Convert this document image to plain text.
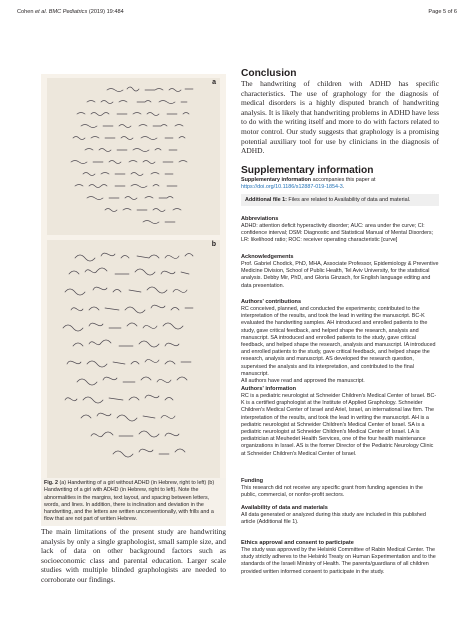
Cohen et al. BMC Pediatrics (2019) 19:484	Page 5 of 6
a
b
Fig. 2 (a) Handwriting of a girl without ADHD (in Hebrew, right to left) (b) Handwriting of a girl with ADHD (in Hebrew, right to left). Note the abnormalities in the margins, text layout, and spacing between letters, words, and lines. In addition, there is inclination and deviation in the handwriting, and the letters are written unconventionally, with frills and a flow that are not part of written Hebrew.

The main limitations of the present study are handwriting analysis by only a single graphologist, small sample size, and lack of data on other background factors such as socioeconomic class and parental education. Larger scale studies with multiple blinded graphologists are needed to corroborate our findings.

Conclusion

The handwriting of children with ADHD has specific characteristics. The use of graphology for the diagnosis of medical disorders is a highly disputed branch of handwriting analysis. It is likely that handwriting problems in ADHD have less to do with the writing itself and more to do with factors related to motor control. Our study suggests that graphology is a promising potential auxiliary tool for use by clinicians in the diagnosis of ADHD.

Supplementary information

Supplementary information accompanies this paper at https://doi.org/10.1186/s12887-019-1854-3.

Additional file 1: Files are related to Availability of data and material.
Abbreviations

ADHD: attention deficit hyperactivity disorder; AUC: area under the curve; CI: confidence interval; DSM: Diagnostic and Statistical Manual of Mental Disorders; LR: likelihood ratio; ROC: receiver operating characteristic [curve]

Acknowledgements

Prof. Gabriel Chodick, PhD, MHA, Associate Professor, Epidemiology & Preventive Medicine Division, School of Public Health, Tel Aviv University, for the statistical analysis. Debby Mir, PhD, and Gloria Ginzach, for English language editing and data presentation.

Authors' contributions

RC conceived, planned, and conducted the experiments; contributed to the interpretation of the results, and took the lead in writing the manuscript. BC-K evaluated the handwriting samples. AH introduced and enrolled patients to the study, gave critical feedback, and helped shape the research, analysis and manuscript. SA introduced and enrolled patients to the study, gave critical feedback, and helped shape the research, analysis and manuscript. IA introduced and enrolled patients to the study, gave critical feedback, and helped shape the research, analysis and manuscript. AS developed the research question, supervised the analysis and its interpretation, and contributed to the final manuscript.

All authors have read and approved the manuscript.

Authors' information

RC is a pediatric neurologist at Schneider Children's Medical Center of Israel. BC-K is a certified graphologist at the Institute of Applied Graphology. Schneider Children's Medical Center of Israel and Ariel, Israel, an international law firm. The interpretation of the results, and took the lead in writing the manuscript. AH is a pediatric neurologist at Schneider Children's Medical Center of Israel. SA is a pediatric neurologist at Schneider Children's Medical Center of Israel. LA is pediatrician at Meuhedet Health Services, one of the four health maintenance organizations in Israel. AS is the former Director of the Pediatric Neurology Clinic at Schneider Children's Medical Center of Israel.

Funding

This research did not receive any specific grant from funding agencies in the public, commercial, or nonfor-profit sectors.

Availability of data and materials

All data generated or analyzed during this study are included in this published article (Additional file 1).

Ethics approval and consent to participate

The study was approved by the Helsinki Committee of Rabin Medical Center. The study strictly adheres to the Helsinki Treaty on Human Experimentation and to the standards of the Israeli Ministry of Health. The parents/guardians of all children provided written informed consent to participate in the study.
